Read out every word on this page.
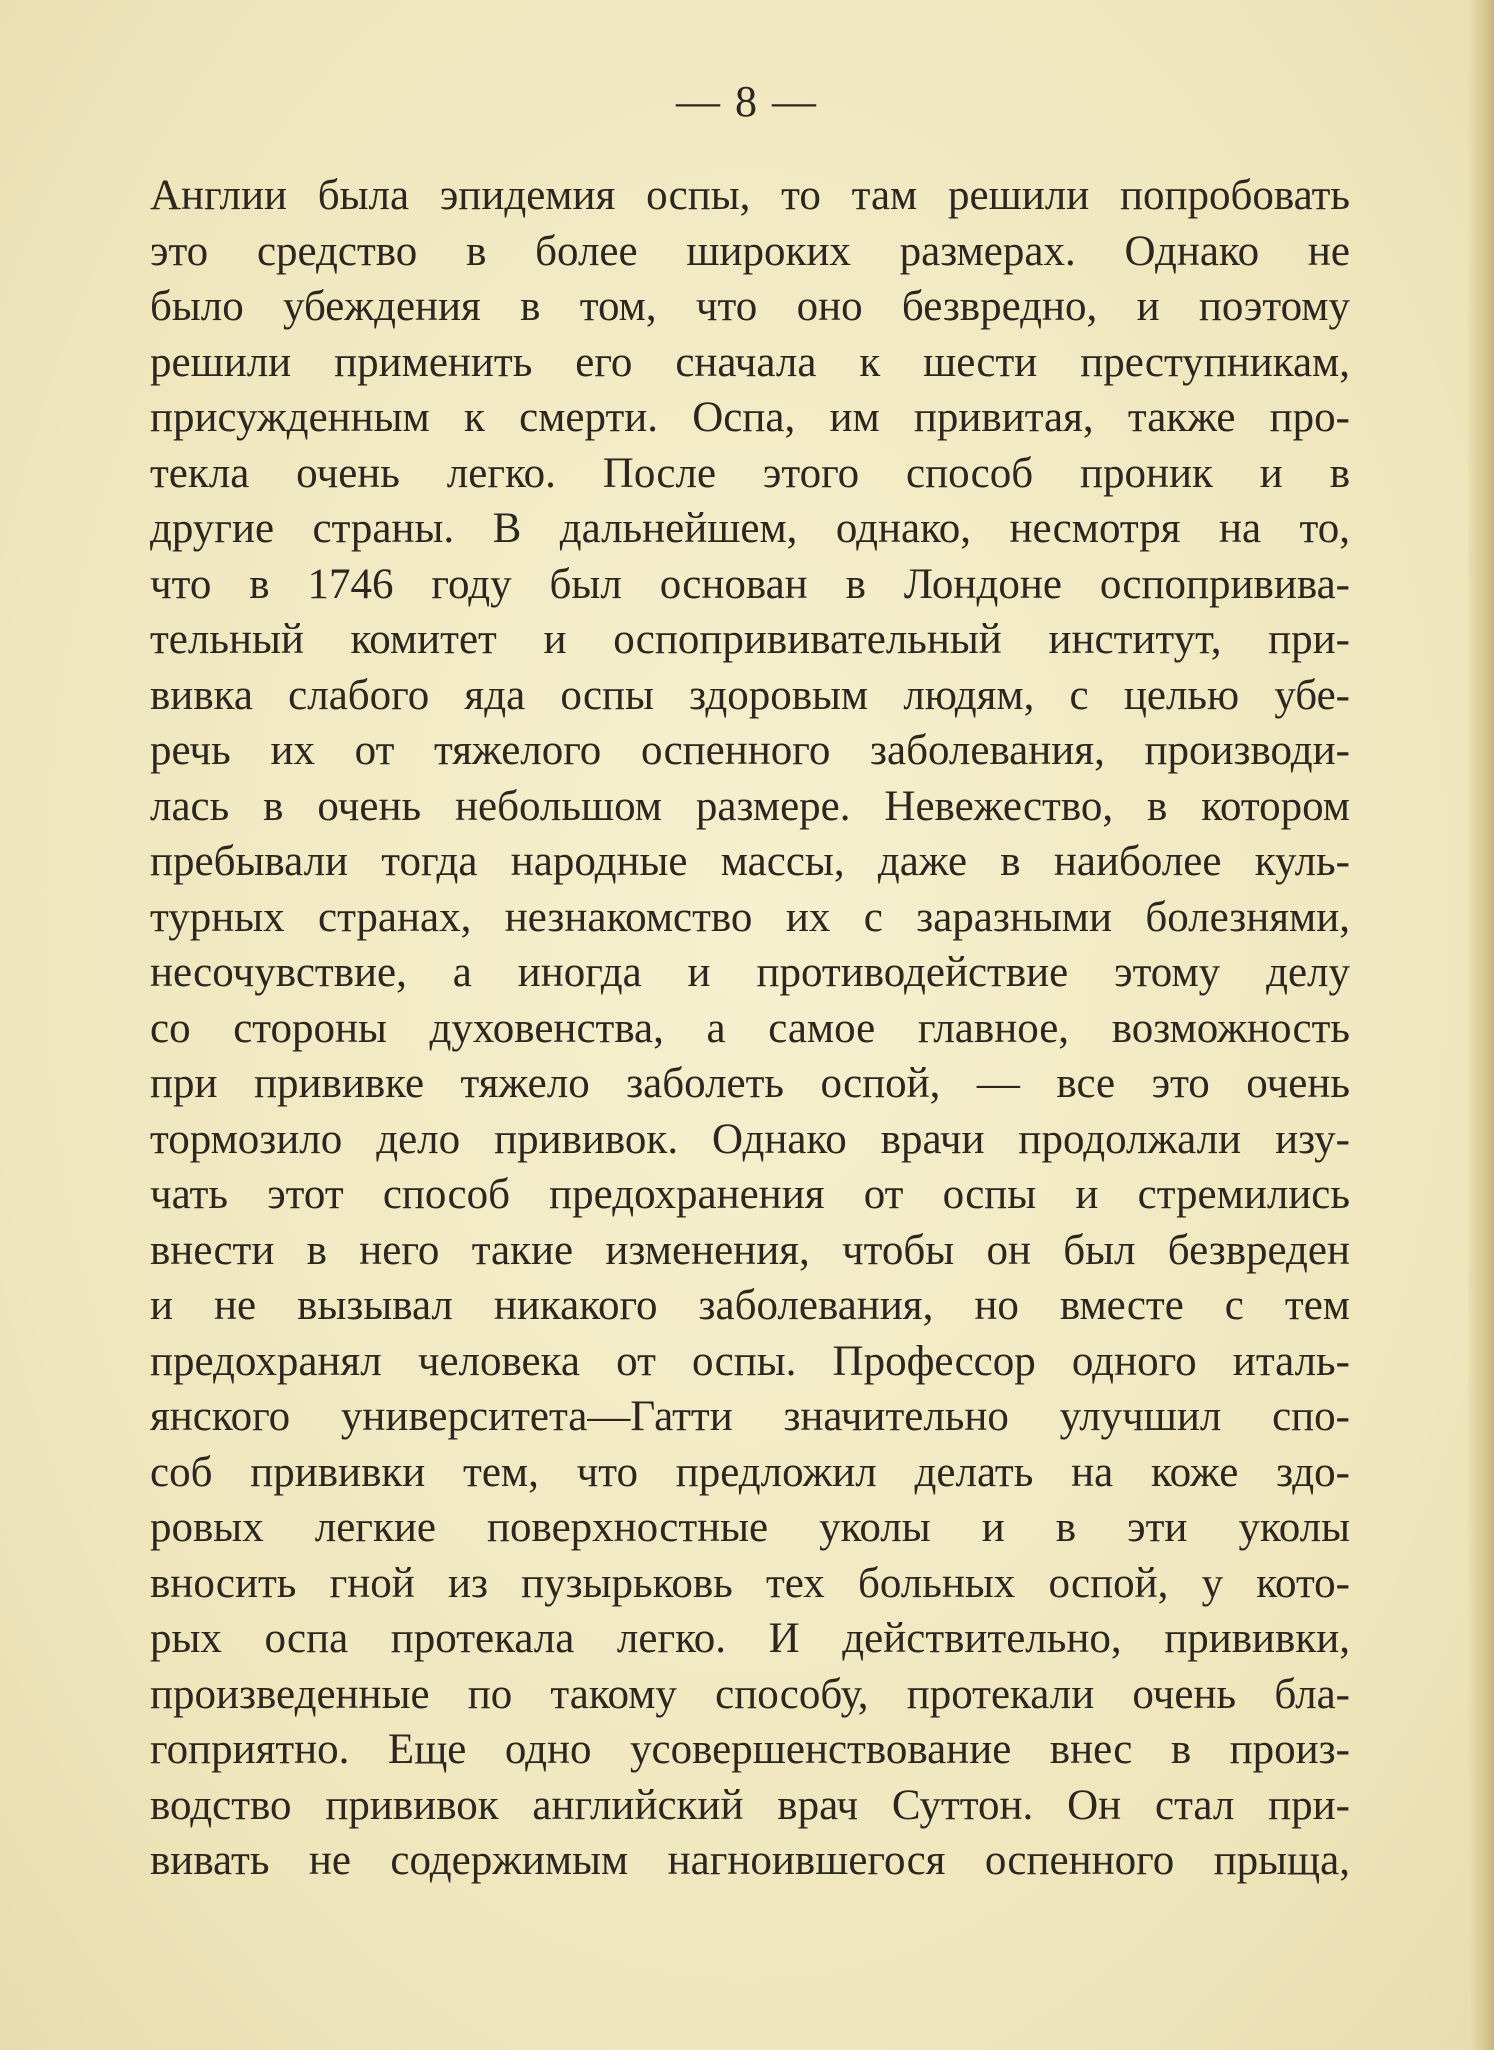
— 8 —
Англии была эпидемия оспы, то там решили попробовать
это средство в более широких размерах. Однако не
было убеждения в том, что оно безвредно, и поэтому
решили применить его сначала к шести преступникам,
присужденным к смерти. Оспа, им привитая, также про-
текла очень легко. После этого способ проник и в
другие страны. В дальнейшем, однако, несмотря на то,
что в 1746 году был основан в Лондоне оспопривива-
тельный комитет и оспопрививательный институт, при-
вивка слабого яда оспы здоровым людям, с целью убе-
речь их от тяжелого оспенного заболевания, производи-
лась в очень небольшом размере. Невежество, в котором
пребывали тогда народные массы, даже в наиболее куль-
турных странах, незнакомство их с заразными болезнями,
несочувствие, а иногда и противодействие этому делу
со стороны духовенства, а самое главное, возможность
при прививке тяжело заболеть оспой, — все это очень
тормозило дело прививок. Однако врачи продолжали изу-
чать этот способ предохранения от оспы и стремились
внести в него такие изменения, чтобы он был безвреден
и не вызывал никакого заболевания, но вместе с тем
предохранял человека от оспы. Профессор одного италь-
янского университета—Гатти значительно улучшил спо-
соб прививки тем, что предложил делать на коже здо-
ровых легкие поверхностные уколы и в эти уколы
вносить гной из пузырьковь тех больных оспой, у кото-
рых оспа протекала легко. И действительно, прививки,
произведенные по такому способу, протекали очень бла-
гоприятно. Еще одно усовершенствование внес в произ-
водство прививок английский врач Суттон. Он стал при-
вивать не содержимым нагноившегося оспенного прыща,
